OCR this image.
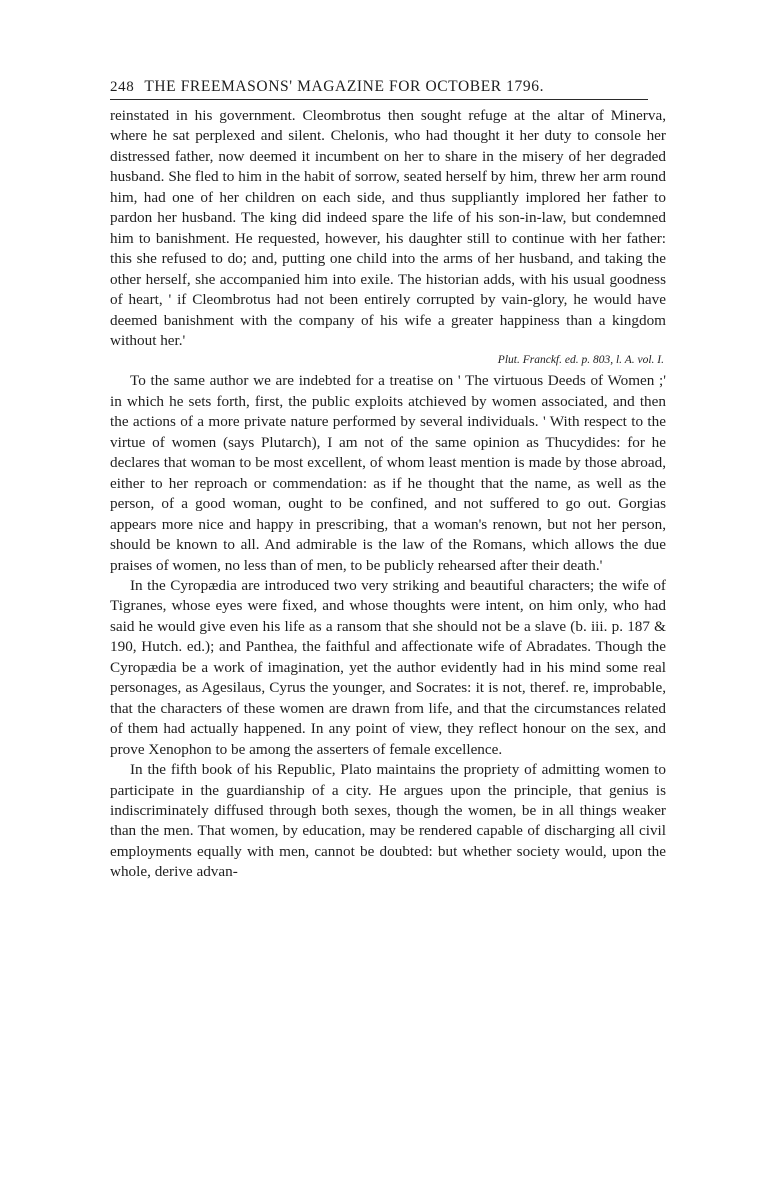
248 THE FREEMASONS' MAGAZINE FOR OCTOBER 1796.

reinstated in his government. Cleombrotus then sought refuge at the altar of Minerva, where he sat perplexed and silent. Chelonis, who had thought it her duty to console her distressed father, now deemed it incumbent on her to share in the misery of her degraded husband. She fled to him in the habit of sorrow, seated herself by him, threw her arm round him, had one of her children on each side, and thus suppliantly implored her father to pardon her husband. The king did indeed spare the life of his son-in-law, but condemned him to banishment. He requested, however, his daughter still to continue with her father: this she refused to do; and, putting one child into the arms of her husband, and taking the other herself, she accompanied him into exile. The historian adds, with his usual goodness of heart, ' if Cleombrotus had not been entirely corrupted by vain-glory, he would have deemed banishment with the company of his wife a greater happiness than a kingdom without her.'

Plut. Franckf. ed. p. 803, l. A. vol. I.

To the same author we are indebted for a treatise on ' The virtuous Deeds of Women ;' in which he sets forth, first, the public exploits atchieved by women associated, and then the actions of a more private nature performed by several individuals. ' With respect to the virtue of women (says Plutarch), I am not of the same opinion as Thucydides: for he declares that woman to be most excellent, of whom least mention is made by those abroad, either to her reproach or commendation: as if he thought that the name, as well as the person, of a good woman, ought to be confined, and not suffered to go out. Gorgias appears more nice and happy in prescribing, that a woman's renown, but not her person, should be known to all. And admirable is the law of the Romans, which allows the due praises of women, no less than of men, to be publicly rehearsed after their death.'

In the Cyropædia are introduced two very striking and beautiful characters; the wife of Tigranes, whose eyes were fixed, and whose thoughts were intent, on him only, who had said he would give even his life as a ransom that she should not be a slave (b. iii. p. 187 & 190, Hutch. ed.); and Panthea, the faithful and affectionate wife of Abradates. Though the Cyropædia be a work of imagination, yet the author evidently had in his mind some real personages, as Agesilaus, Cyrus the younger, and Socrates: it is not, theref. re, improbable, that the characters of these women are drawn from life, and that the circumstances related of them had actually happened. In any point of view, they reflect honour on the sex, and prove Xenophon to be among the asserters of female excellence.

In the fifth book of his Republic, Plato maintains the propriety of admitting women to participate in the guardianship of a city. He argues upon the principle, that genius is indiscriminately diffused through both sexes, though the women, be in all things weaker than the men. That women, by education, may be rendered capable of discharging all civil employments equally with men, cannot be doubted: but whether society would, upon the whole, derive advan-
